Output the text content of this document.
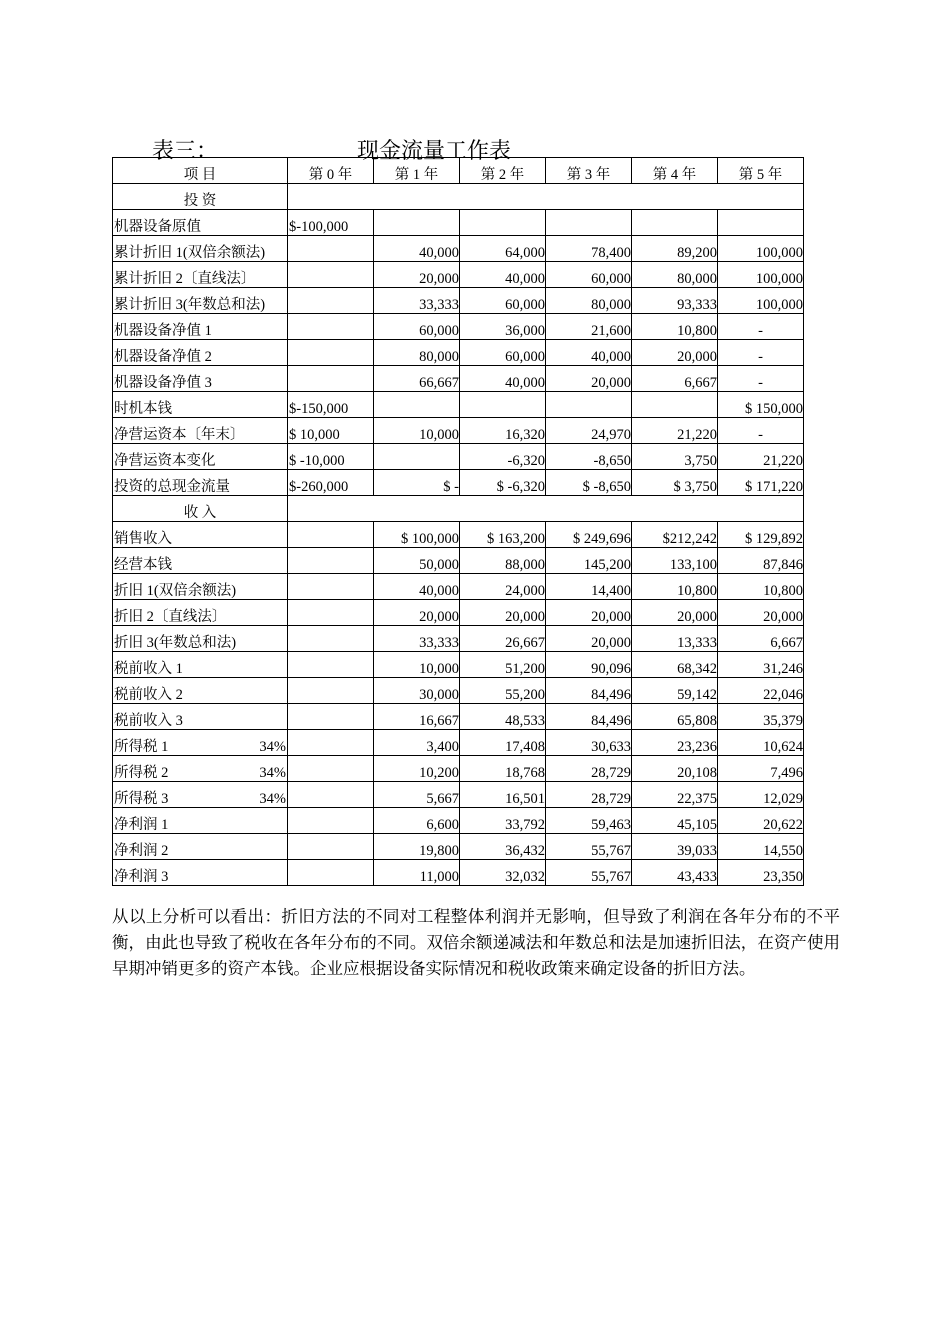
表三：	现金流量工作表
项 目	第 0 年	第 1 年	第 2 年	第 3 年	第 4 年	第 5 年
投 资						
机器设备原值	$-100,000					
累计折旧 1(双倍余额法)		40,000	64,000	78,400	89,200	100,000
累计折旧 2〔直线法〕		20,000	40,000	60,000	80,000	100,000
累计折旧 3(年数总和法)		33,333	60,000	80,000	93,333	100,000
机器设备净值 1		60,000	36,000	21,600	10,800	-
机器设备净值 2		80,000	60,000	40,000	20,000	-
机器设备净值 3		66,667	40,000	20,000	6,667	-
时机本钱	$-150,000					$ 150,000
净营运资本〔年末〕	$ 10,000	10,000	16,320	24,970	21,220	-
净营运资本变化	$ -10,000		-6,320	-8,650	3,750	21,220
投资的总现金流量	$-260,000	$ -	$ -6,320	$ -8,650	$ 3,750	$ 171,220
收 入						
销售收入		$ 100,000	$ 163,200	$ 249,696	$212,242	$ 129,892
经营本钱		50,000	88,000	145,200	133,100	87,846
折旧 1(双倍余额法)		40,000	24,000	14,400	10,800	10,800
折旧 2〔直线法〕		20,000	20,000	20,000	20,000	20,000
折旧 3(年数总和法)		33,333	26,667	20,000	13,333	6,667
税前收入 1		10,000	51,200	90,096	68,342	31,246
税前收入 2		30,000	55,200	84,496	59,142	22,046
税前收入 3		16,667	48,533	84,496	65,808	35,379

所得税 1 34%		3,400	17,408	30,633	23,236	10,624

所得税 2 34%		10,200	18,768	28,729	20,108	7,496

所得税 3 34%		5,667	16,501	28,729	22,375	12,029
净利润 1		6,600	33,792	59,463	45,105	20,622
净利润 2		19,800	36,432	55,767	39,033	14,550
净利润 3		11,000	32,032	55,767	43,433	23,350
从以上分析可以看出：折旧方法的不同对工程整体利润并无影响，但导致了利润在各年分布的不平衡，由此也导致了税收在各年分布的不同。双倍余额递减法和年数总和法是加速折旧法，在资产使用早期冲销更多的资产本钱。企业应根据设备实际情况和税收政策来确定设备的折旧方法。
